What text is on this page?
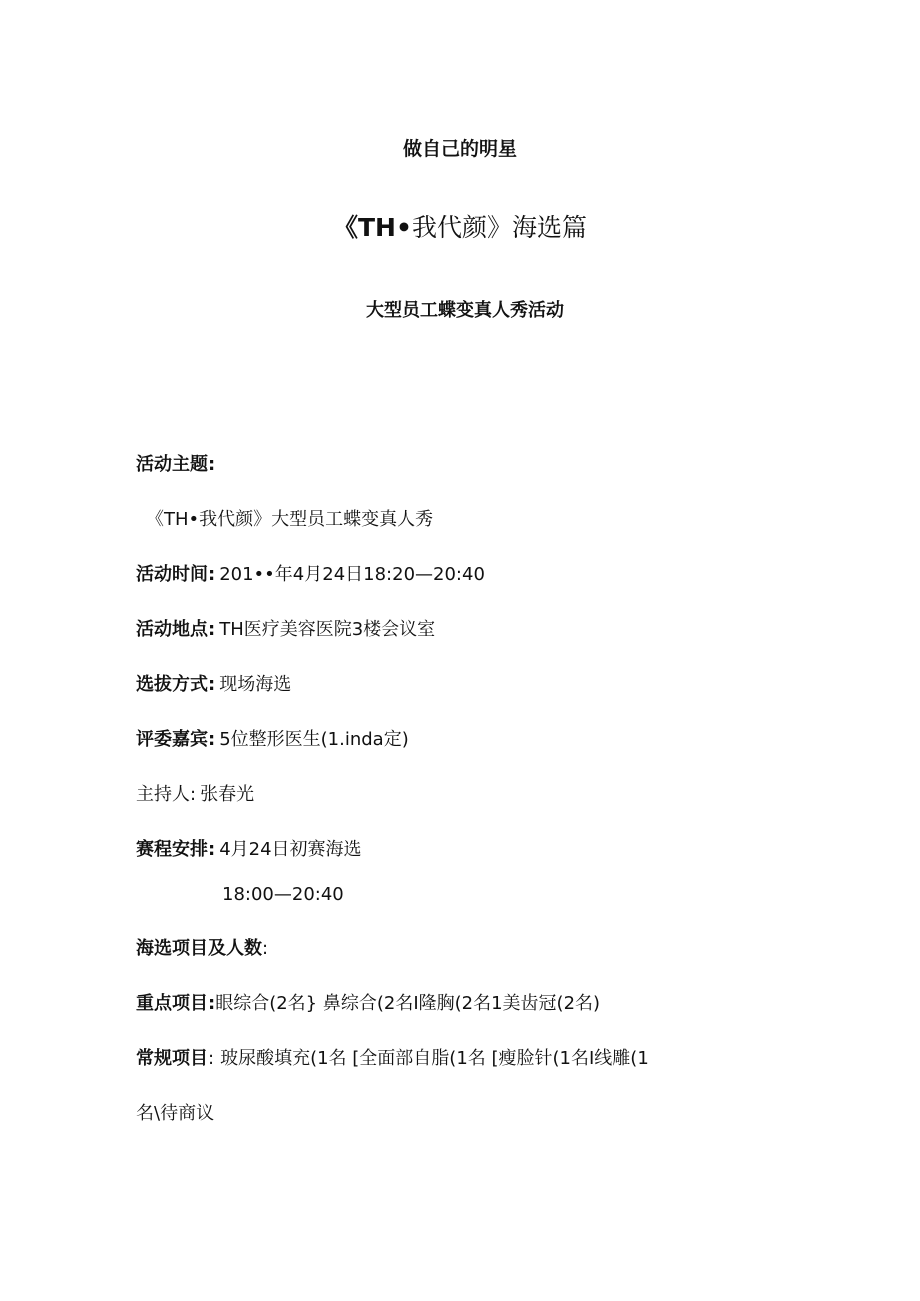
做自己的明星
《TH•我代颜》海选篇
大型员工蝶变真人秀活动
活动主题:
《TH•我代颜》大型员工蝶变真人秀
活动时间: 201••年4月24日18:20—20:40
活动地点: TH医疗美容医院3楼会议室
选拔方式: 现场海选
评委嘉宾: 5位整形医生(1.inda定)
主持人: 张春光
赛程安排: 4月24日初赛海选
18:00—20:40
海选项目及人数:
重点项目:眼综合(2名} 鼻综合(2名I隆胸(2名1美齿冠(2名)
常规项目: 玻尿酸填充(1名 [全面部自脂(1名 [瘦脸针(1名I线雕(1
名\待商议
